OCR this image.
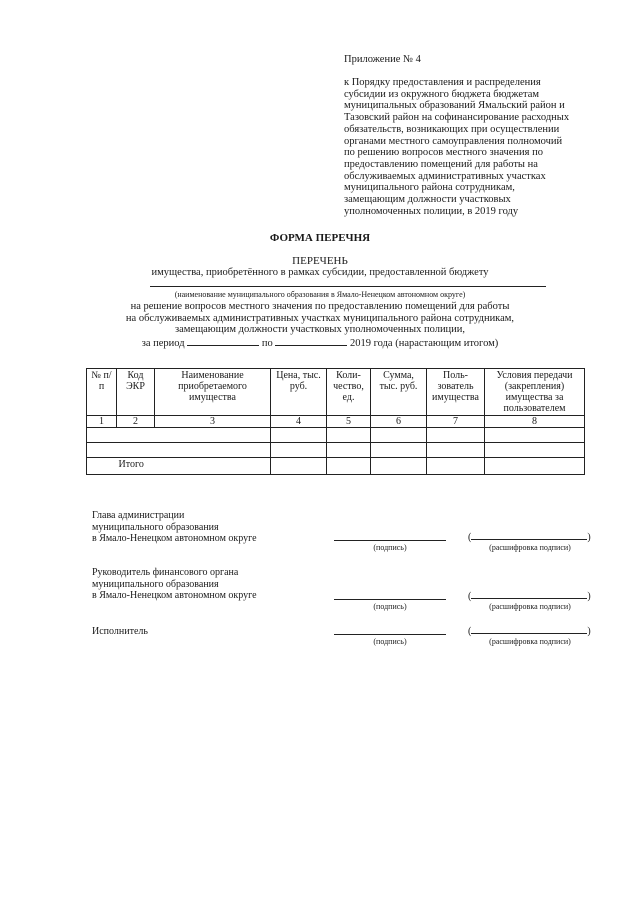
Приложение № 4
к Порядку предоставления и распределения
субсидии из окружного бюджета бюджетам
муниципальных образований Ямальский район и
Тазовский район на софинансирование расходных
обязательств, возникающих при осуществлении
органами местного самоуправления полномочий
по решению вопросов местного значения по
предоставлению помещений для работы на
обслуживаемых административных участках
муниципального района сотрудникам,
замещающим должности участковых
уполномоченных полиции, в 2019 году
ФОРМА ПЕРЕЧНЯ
ПЕРЕЧЕНЬ
имущества, приобретённого в рамках субсидии, предоставленной бюджету
(наименование муниципального образования в Ямало-Ненецком автономном округе)
на решение вопросов местного значения по предоставлению помещений для работы
на обслуживаемых административных участках муниципального района сотрудникам,
замещающим должности участковых уполномоченных полиции,
за период	по	2019 года (нарастающим итогом)
№ п/п	Код ЭКР	Наименование приобретаемого имущества	Цена, тыс. руб.	Коли-чество, ед.	Сумма, тыс. руб.	Поль-зователь имущества	Условия передачи (закрепления) имущества за пользователем
1	2	3	4	5	6	7	8

	Итого						
Глава администрации
муниципального образования
в Ямало-Ненецком автономном округе
(подпись)
(	)
(расшифровка подписи)
Руководитель финансового органа
муниципального образования
в Ямало-Ненецком автономном округе
(подпись)
(	)
(расшифровка подписи)
Исполнитель
(подпись)
(	)
(расшифровка подписи)
